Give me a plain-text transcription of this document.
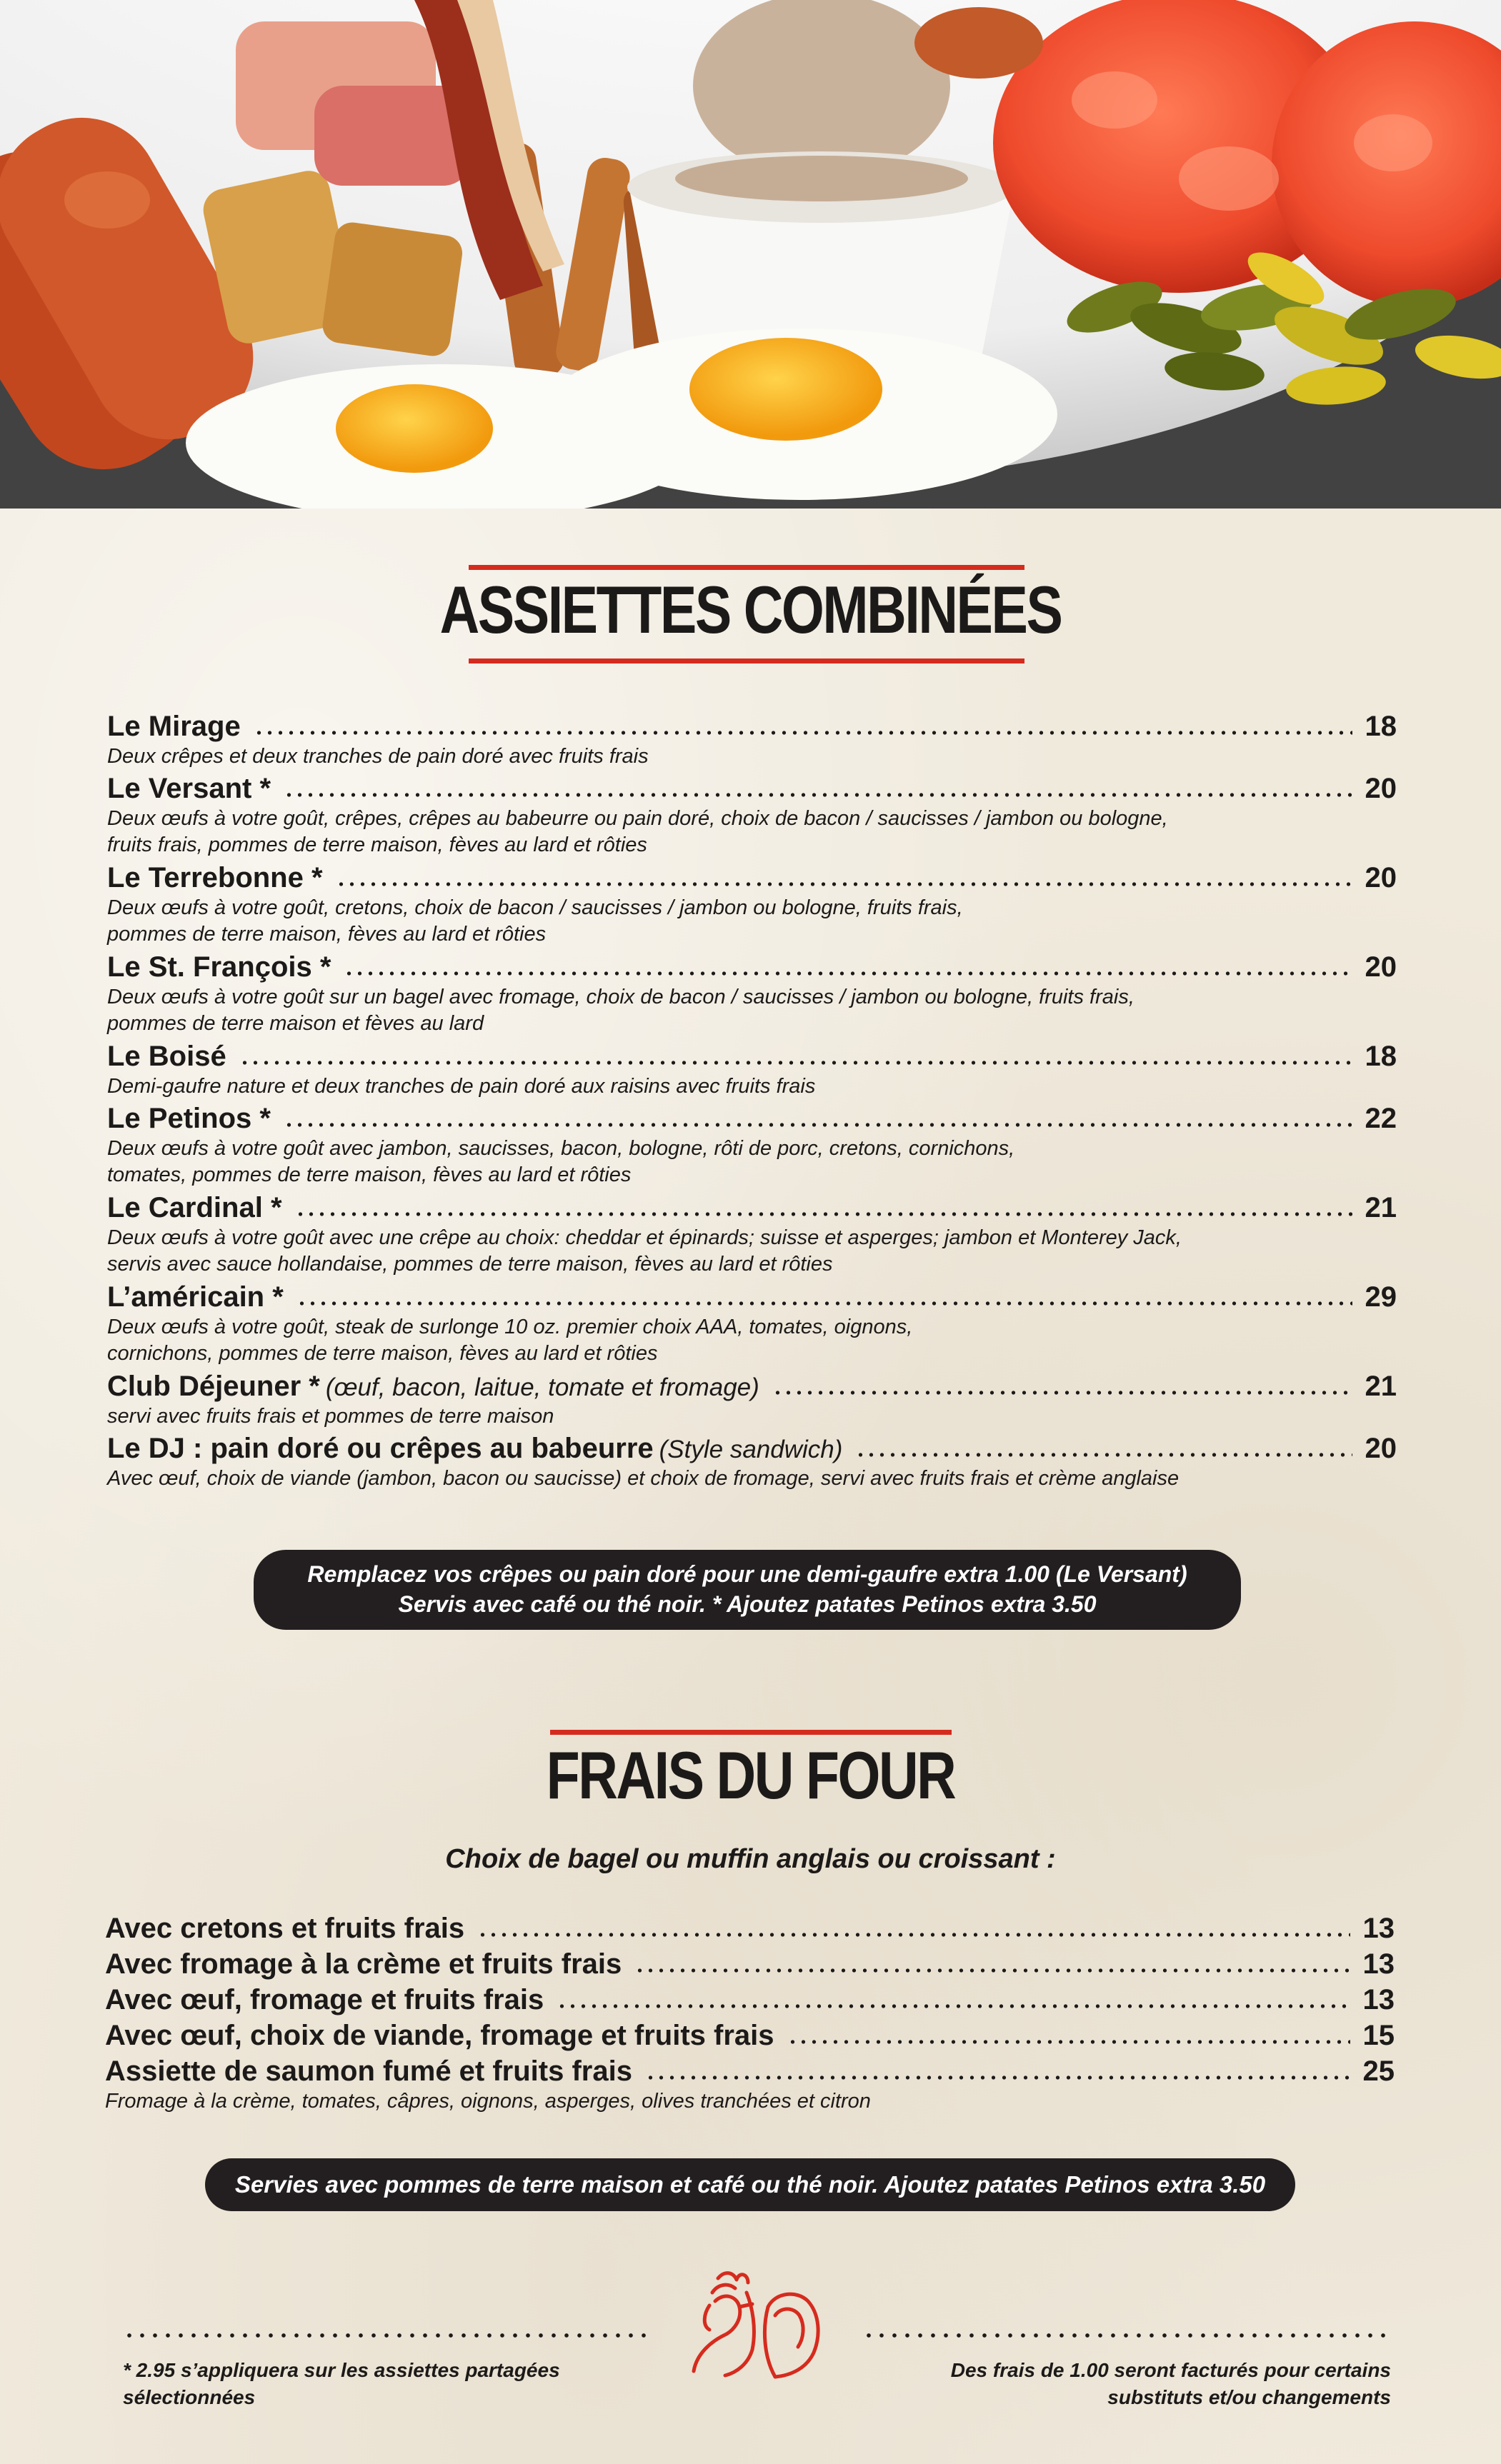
ASSIETTES COMBINÉES
Le Mirage	18
Deux crêpes et deux tranches de pain doré avec fruits frais
Le Versant *	20
Deux œufs à votre goût, crêpes, crêpes au babeurre ou pain doré, choix de bacon / saucisses / jambon ou bologne,
fruits frais, pommes de terre maison, fèves au lard et rôties
Le Terrebonne *	20
Deux œufs à votre goût, cretons, choix de bacon / saucisses / jambon ou bologne, fruits frais,
pommes de terre maison, fèves au lard et rôties
Le St. François *	20
Deux œufs à votre goût sur un bagel avec fromage, choix de bacon / saucisses / jambon ou bologne, fruits frais,
pommes de terre maison et fèves au lard
Le Boisé	18
Demi-gaufre nature et deux tranches de pain doré aux raisins avec fruits frais
Le Petinos *	22
Deux œufs à votre goût avec jambon, saucisses, bacon, bologne, rôti de porc, cretons, cornichons,
tomates, pommes de terre maison, fèves au lard et rôties
Le Cardinal *	21
Deux œufs à votre goût avec une crêpe au choix: cheddar et épinards; suisse et asperges; jambon et Monterey Jack,
servis avec sauce hollandaise, pommes de terre maison, fèves au lard et rôties
L’américain *	29
Deux œufs à votre goût, steak de surlonge 10 oz. premier choix AAA, tomates, oignons,
cornichons, pommes de terre maison, fèves au lard et rôties
Club Déjeuner * (œuf, bacon, laitue, tomate et fromage)	21
servi avec fruits frais et pommes de terre maison
Le DJ : pain doré ou crêpes au babeurre (Style sandwich)	20
Avec œuf, choix de viande (jambon, bacon ou saucisse) et choix de fromage, servi avec fruits frais et crème anglaise
Remplacez vos crêpes ou pain doré pour une demi-gaufre extra 1.00 (Le Versant)
Servis avec café ou thé noir. * Ajoutez patates Petinos extra 3.50
FRAIS DU FOUR
Choix de bagel ou muffin anglais ou croissant :
Avec cretons et fruits frais	13
Avec fromage à la crème et fruits frais	13
Avec œuf, fromage et fruits frais	13
Avec œuf, choix de viande, fromage et fruits frais	15
Assiette de saumon fumé et fruits frais	25
Fromage à la crème, tomates, câpres, oignons, asperges, olives tranchées et citron
Servies avec pommes de terre maison et café ou thé noir. Ajoutez patates Petinos extra 3.50
* 2.95 s’appliquera sur les assiettes partagées
sélectionnées
Des frais de 1.00 seront facturés pour certains
substituts et/ou changements
